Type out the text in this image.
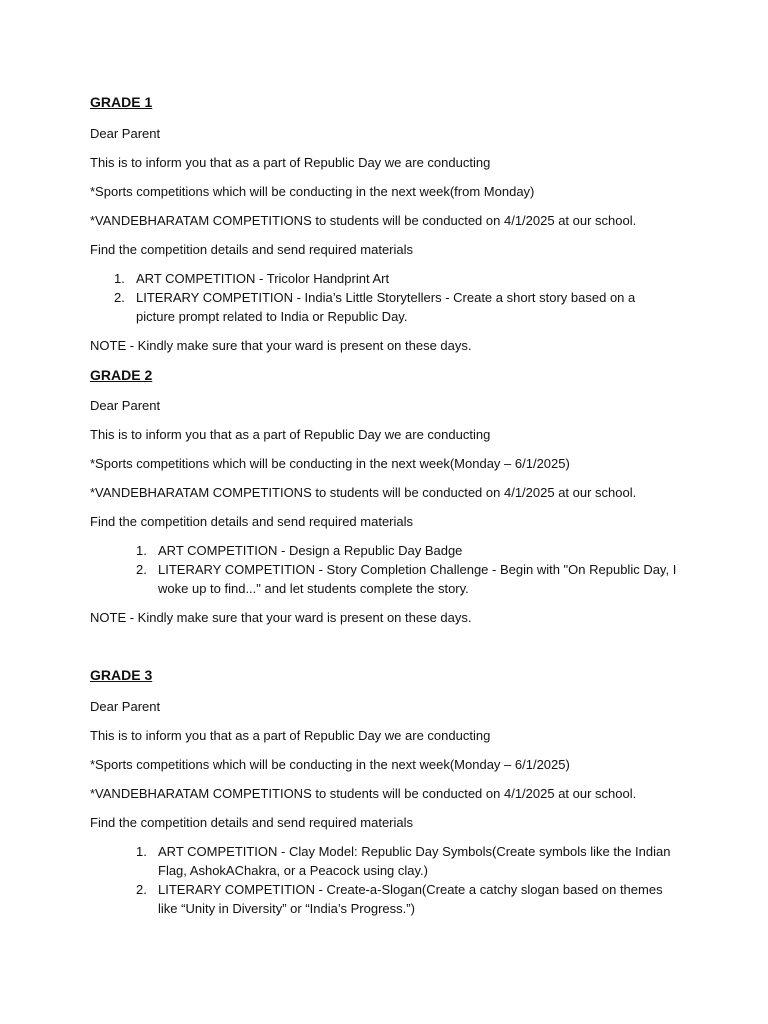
GRADE 1
Dear Parent
This is to inform you that as a part of Republic Day we are conducting
*Sports competitions which will be conducting in the next week(from Monday)
*VANDEBHARATAM COMPETITIONS to students will be conducted on 4/1/2025 at our school.
Find the competition details and send required materials
1. ART COMPETITION - Tricolor Handprint Art
2. LITERARY COMPETITION - India’s Little Storytellers - Create a short story based on a picture prompt related to India or Republic Day.
NOTE - Kindly make sure that your ward is present on these days.
GRADE 2
Dear Parent
This is to inform you that as a part of Republic Day we are conducting
*Sports competitions which will be conducting in the next week(Monday – 6/1/2025)
*VANDEBHARATAM COMPETITIONS to students will be conducted on 4/1/2025 at our school.
Find the competition details and send required materials
1. ART COMPETITION - Design a Republic Day Badge
2. LITERARY COMPETITION - Story Completion Challenge - Begin with "On Republic Day, I woke up to find..." and let students complete the story.
NOTE - Kindly make sure that your ward is present on these days.
GRADE 3
Dear Parent
This is to inform you that as a part of Republic Day we are conducting
*Sports competitions which will be conducting in the next week(Monday – 6/1/2025)
*VANDEBHARATAM COMPETITIONS to students will be conducted on 4/1/2025 at our school.
Find the competition details and send required materials
1. ART COMPETITION - Clay Model: Republic Day Symbols(Create symbols like the Indian Flag, AshokAChakra, or a Peacock using clay.)
2. LITERARY COMPETITION - Create-a-Slogan(Create a catchy slogan based on themes like “Unity in Diversity” or “India’s Progress.”)
